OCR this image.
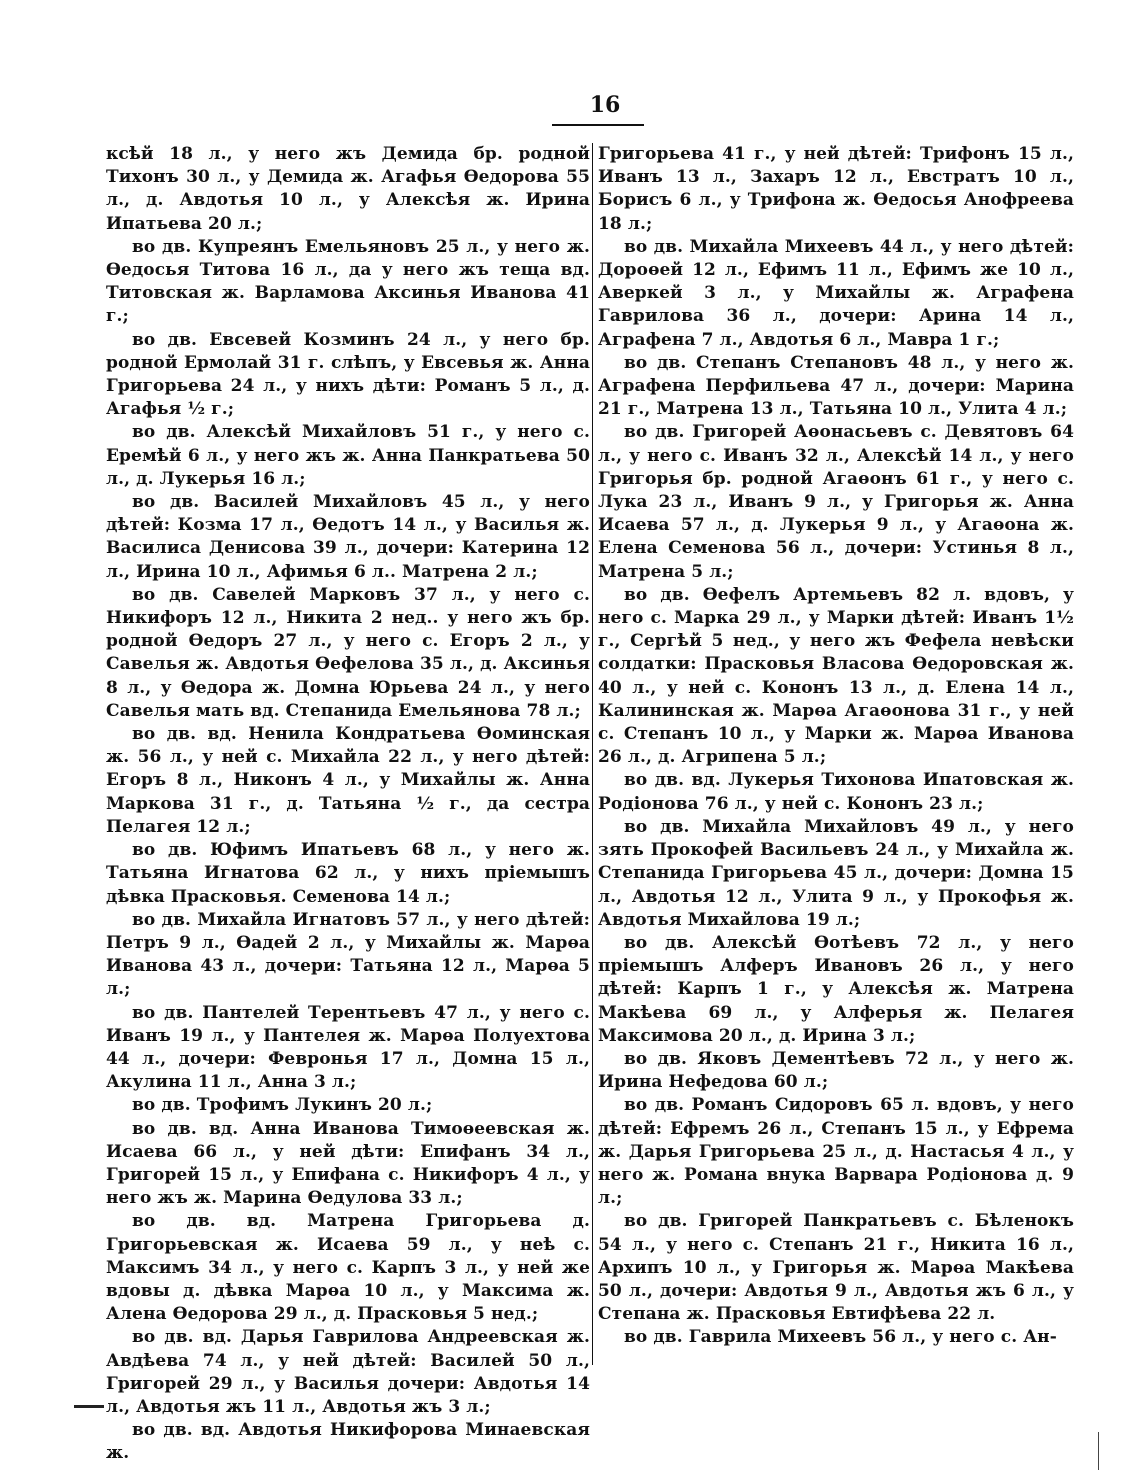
16

ксѣй 18 л., у него жъ Демида бр. родной Тихонъ 30 л., у Демида ж. Агафья Өедорова 55 л., д. Авдотья 10 л., у Алексѣя ж. Ирина Ипатьева 20 л.;

во дв. Купреянъ Емельяновъ 25 л., у него ж. Өедосья Титова 16 л., да у него жъ теща вд. Титовская ж. Варламова Аксинья Иванова 41 г.;

во дв. Евсевей Козминъ 24 л., у него бр. родной Ермолай 31 г. слѣпъ, у Евсевья ж. Анна Григорьева 24 л., у нихъ дѣти: Романъ 5 л., д. Агафья ½ г.;

во дв. Алексѣй Михайловъ 51 г., у него с. Еремѣй 6 л., у него жъ ж. Анна Панкратьева 50 л., д. Лукерья 16 л.;

во дв. Василей Михайловъ 45 л., у него дѣтей: Козма 17 л., Өедотъ 14 л., у Василья ж. Василиса Денисова 39 л., дочери: Катерина 12 л., Ирина 10 л., Афимья 6 л.. Матрена 2 л.;

во дв. Савелей Марковъ 37 л., у него с. Никифоръ 12 л., Никита 2 нед.. у него жъ бр. родной Өедоръ 27 л., у него с. Егоръ 2 л., у Савелья ж. Авдотья Өефелова 35 л., д. Аксинья 8 л., у Өедора ж. Домна Юрьева 24 л., у него Савелья мать вд. Степанида Емельянова 78 л.;

во дв. вд. Ненила Кондратьева Өоминская ж. 56 л., у ней с. Михайла 22 л., у него дѣтей: Егоръ 8 л., Никонъ 4 л., у Михайлы ж. Анна Маркова 31 г., д. Татьяна ½ г., да сестра Пелагея 12 л.;

во дв. Юфимъ Ипатьевъ 68 л., у него ж. Татьяна Игнатова 62 л., у нихъ пріемышъ дѣвка Прасковья. Семенова 14 л.;

во дв. Михайла Игнатовъ 57 л., у него дѣтей: Петръ 9 л., Өадей 2 л., у Михайлы ж. Марөа Иванова 43 л., дочери: Татьяна 12 л., Марөа 5 л.;

во дв. Пантелей Терентьевъ 47 л., у него с. Иванъ 19 л., у Пантелея ж. Марөа Полуехтова 44 л., дочери: Февронья 17 л., Домна 15 л., Акулина 11 л., Анна 3 л.;

во дв. Трофимъ Лукинъ 20 л.;

во дв. вд. Анна Иванова Тимоөеевская ж. Исаева 66 л., у ней дѣти: Епифанъ 34 л., Григорей 15 л., у Епифана с. Никифоръ 4 л., у него жъ ж. Марина Өедулова 33 л.;

во дв. вд. Матрена Григорьева д. Григорьевская ж. Исаева 59 л., у неѣ с. Максимъ 34 л., у него с. Карпъ 3 л., у ней же вдовы д. дѣвка Марөа 10 л., у Максима ж. Алена Өедорова 29 л., д. Прасковья 5 нед.;

во дв. вд. Дарья Гаврилова Андреевская ж. Авдѣева 74 л., у ней дѣтей: Василей 50 л., Григорей 29 л., у Василья дочери: Авдотья 14 л., Авдотья жъ 11 л., Авдотья жъ 3 л.;

во дв. вд. Авдотья Никифорова Минаевская ж.

Григорьева 41 г., у ней дѣтей: Трифонъ 15 л., Иванъ 13 л., Захаръ 12 л., Евстратъ 10 л., Борисъ 6 л., у Трифона ж. Өедосья Анофреева 18 л.;

во дв. Михайла Михеевъ 44 л., у него дѣтей: Дороөей 12 л., Ефимъ 11 л., Ефимъ же 10 л., Аверкей 3 л., у Михайлы ж. Аграфена Гаврилова 36 л., дочери: Арина 14 л., Аграфена 7 л., Авдотья 6 л., Мавра 1 г.;

во дв. Степанъ Степановъ 48 л., у него ж. Аграфена Перфильева 47 л., дочери: Марина 21 г., Матрена 13 л., Татьяна 10 л., Улита 4 л.;

во дв. Григорей Аөонасьевъ с. Девятовъ 64 л., у него с. Иванъ 32 л., Алексѣй 14 л., у него Григорья бр. родной Агаөонъ 61 г., у него с. Лука 23 л., Иванъ 9 л., у Григорья ж. Анна Исаева 57 л., д. Лукерья 9 л., у Агаөона ж. Елена Семенова 56 л., дочери: Устинья 8 л., Матрена 5 л.;

во дв. Өефелъ Артемьевъ 82 л. вдовъ, у него с. Марка 29 л., у Марки дѣтей: Иванъ 1½ г., Сергѣй 5 нед., у него жъ Фефела невѣски солдатки: Прасковья Власова Өедоровская ж. 40 л., у ней с. Кононъ 13 л., д. Елена 14 л., Калининская ж. Марөа Агаөонова 31 г., у ней с. Степанъ 10 л., у Марки ж. Марөа Иванова 26 л., д. Агрипена 5 л.;

во дв. вд. Лукерья Тихонова Ипатовская ж. Родіонова 76 л., у ней с. Кононъ 23 л.;

во дв. Михайла Михайловъ 49 л., у него зять Прокофей Васильевъ 24 л., у Михайла ж. Степанида Григорьева 45 л., дочери: Домна 15 л., Авдотья 12 л., Улита 9 л., у Прокофья ж. Авдотья Михайлова 19 л.;

во дв. Алексѣй Өотѣевъ 72 л., у него пріемышъ Алферъ Ивановъ 26 л., у него дѣтей: Карпъ 1 г., у Алексѣя ж. Матрена Макѣева 69 л., у Алферья ж. Пелагея Максимова 20 л., д. Ирина 3 л.;

во дв. Яковъ Дементѣевъ 72 л., у него ж. Ирина Нефедова 60 л.;

во дв. Романъ Сидоровъ 65 л. вдовъ, у него дѣтей: Ефремъ 26 л., Степанъ 15 л., у Ефрема ж. Дарья Григорьева 25 л., д. Настасья 4 л., у него ж. Романа внука Варвара Родіонова д. 9 л.;

во дв. Григорей Панкратьевъ с. Бѣленокъ 54 л., у него с. Степанъ 21 г., Никита 16 л., Архипъ 10 л., у Григорья ж. Марөа Макѣева 50 л., дочери: Авдотья 9 л., Авдотья жъ 6 л., у Степана ж. Прасковья Евтифѣева 22 л.

во дв. Гаврила Михеевъ 56 л., у него с. Ан-
